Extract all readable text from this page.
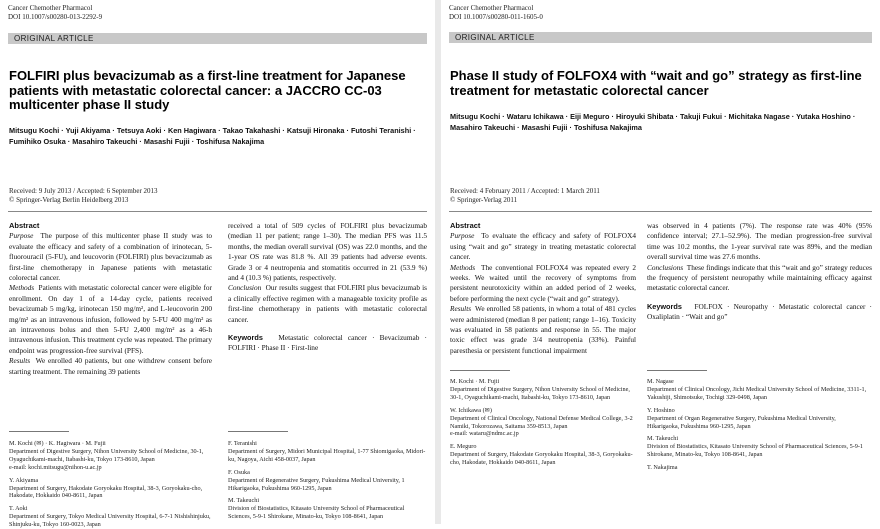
Cancer Chemother Pharmacol
DOI 10.1007/s00280-013-2292-9
ORIGINAL ARTICLE
FOLFIRI plus bevacizumab as a first-line treatment for Japanese patients with metastatic colorectal cancer: a JACCRO CC-03 multicenter phase II study
Mitsugu Kochi · Yuji Akiyama · Tetsuya Aoki · Ken Hagiwara · Takao Takahashi · Katsuji Hironaka · Futoshi Teranishi · Fumihiko Osuka · Masahiro Takeuchi · Masashi Fujii · Toshifusa Nakajima
Received: 9 July 2013 / Accepted: 6 September 2013
© Springer-Verlag Berlin Heidelberg 2013

Abstract

Purpose The purpose of this multicenter phase II study was to evaluate the efficacy and safety of a combination of irinotecan, 5-fluorouracil (5-FU), and leucovorin (FOLFIRI) plus bevacizumab as first-line chemotherapy in Japanese patients with metastatic colorectal cancer.

Methods Patients with metastatic colorectal cancer were eligible for enrollment. On day 1 of a 14-day cycle, patients received bevacizumab 5 mg/kg, irinotecan 150 mg/m², and L-leucovorin 200 mg/m² as an intravenous infusion, followed by 5-FU 400 mg/m² as an intravenous bolus and then 5-FU 2,400 mg/m² as a 46-h intravenous infusion. This treatment cycle was repeated. The primary endpoint was progression-free survival (PFS).

Results We enrolled 40 patients, but one withdrew consent before starting treatment. The remaining 39 patients

received a total of 509 cycles of FOLFIRI plus bevacizumab (median 11 per patient; range 1–30). The median PFS was 11.5 months, the median overall survival (OS) was 22.0 months, and the 1-year OS rate was 81.8 %. All 39 patients had adverse events. Grade 3 or 4 neutropenia and stomatitis occurred in 21 (53.9 %) and 4 (10.3 %) patients, respectively.

Conclusion Our results suggest that FOLFIRI plus bevacizumab is a clinically effective regimen with a manageable toxicity profile as first-line chemotherapy in patients with metastatic colorectal cancer.

Keywords Metastatic colorectal cancer · Bevacizumab · FOLFIRI · Phase II · First-line

M. Kochi (✉) · K. Hagiwara · M. Fujii
Department of Digestive Surgery, Nihon University School of Medicine, 30-1, Oyaguchikami-machi, Itabashi-ku, Tokyo 173-8610, Japan
e-mail: kochi.mitsugu@nihon-u.ac.jp
Y. Akiyama
Department of Surgery, Hakodate Goryokaku Hospital, 38-3, Goryokaku-cho, Hakodate, Hokkaido 040-8611, Japan
T. Aoki
Department of Surgery, Tokyo Medical University Hospital, 6-7-1 Nishishinjuku, Shinjuku-ku, Tokyo 160-0023, Japan
F. Teranishi
Department of Surgery, Midori Municipal Hospital, 1-77 Shiomigaoka, Midori-ku, Nagoya, Aichi 458-0037, Japan
F. Osuka
Department of Regenerative Surgery, Fukushima Medical University, 1 Hikarigaoka, Fukushima 960-1295, Japan
M. Takeuchi
Division of Biostatistics, Kitasato University School of Pharmaceutical Sciences, 5-9-1 Shirokane, Minato-ku, Tokyo 108-8641, Japan
Cancer Chemother Pharmacol
DOI 10.1007/s00280-011-1605-0
ORIGINAL ARTICLE
Phase II study of FOLFOX4 with “wait and go” strategy as first-line treatment for metastatic colorectal cancer
Mitsugu Kochi · Wataru Ichikawa · Eiji Meguro · Hiroyuki Shibata · Takuji Fukui · Michitaka Nagase · Yutaka Hoshino · Masahiro Takeuchi · Masashi Fujii · Toshifusa Nakajima
Received: 4 February 2011 / Accepted: 1 March 2011
© Springer-Verlag 2011

Abstract

Purpose To evaluate the efficacy and safety of FOLFOX4 using “wait and go” strategy in treating metastatic colorectal cancer.

Methods The conventional FOLFOX4 was repeated every 2 weeks. We waited until the recovery of symptoms from persistent neurotoxicity within an added period of 2 weeks, before performing the next cycle (“wait and go” strategy).

Results We enrolled 58 patients, in whom a total of 481 cycles were administered (median 8 per patient; range 1–16). Toxicity was evaluated in 58 patients and response in 55. The major toxic effect was grade 3/4 neutropenia (33%). Painful paresthesia or persistent functional impairment

was observed in 4 patients (7%). The response rate was 40% (95% confidence interval; 27.1–52.9%). The median progression-free survival time was 10.2 months, the 1-year survival rate was 89%, and the median overall survival time was 27.6 months.

Conclusions These findings indicate that this “wait and go” strategy reduces the frequency of persistent neuropathy while maintaining efficacy against metastatic colorectal cancer.

Keywords FOLFOX · Neuropathy · Metastatic colorectal cancer · Oxaliplatin · “Wait and go”

M. Kochi · M. Fujii
Department of Digestive Surgery, Nihon University School of Medicine, 30-1, Oyaguchikami-machi, Itabashi-ku, Tokyo 173-8610, Japan
W. Ichikawa (✉)
Department of Clinical Oncology, National Defense Medical College, 3-2 Namiki, Tokorozawa, Saitama 359-8513, Japan
e-mail: wataru@ndmc.ac.jp
E. Meguro
Department of Surgery, Hakodate Goryokaku Hospital, 38-3, Goryokaku-cho, Hakodate, Hokkaido 040-8611, Japan
M. Nagase
Department of Clinical Oncology, Jichi Medical University School of Medicine, 3311-1, Yakushiji, Shimotsuke, Tochigi 329-0498, Japan
Y. Hoshino
Department of Organ Regenerative Surgery, Fukushima Medical University, Hikarigaoka, Fukushima 960-1295, Japan
M. Takeuchi
Division of Biostatistics, Kitasato University School of Pharmaceutical Sciences, 5-9-1 Shirokane, Minato-ku, Tokyo 108-8641, Japan
T. Nakajima
